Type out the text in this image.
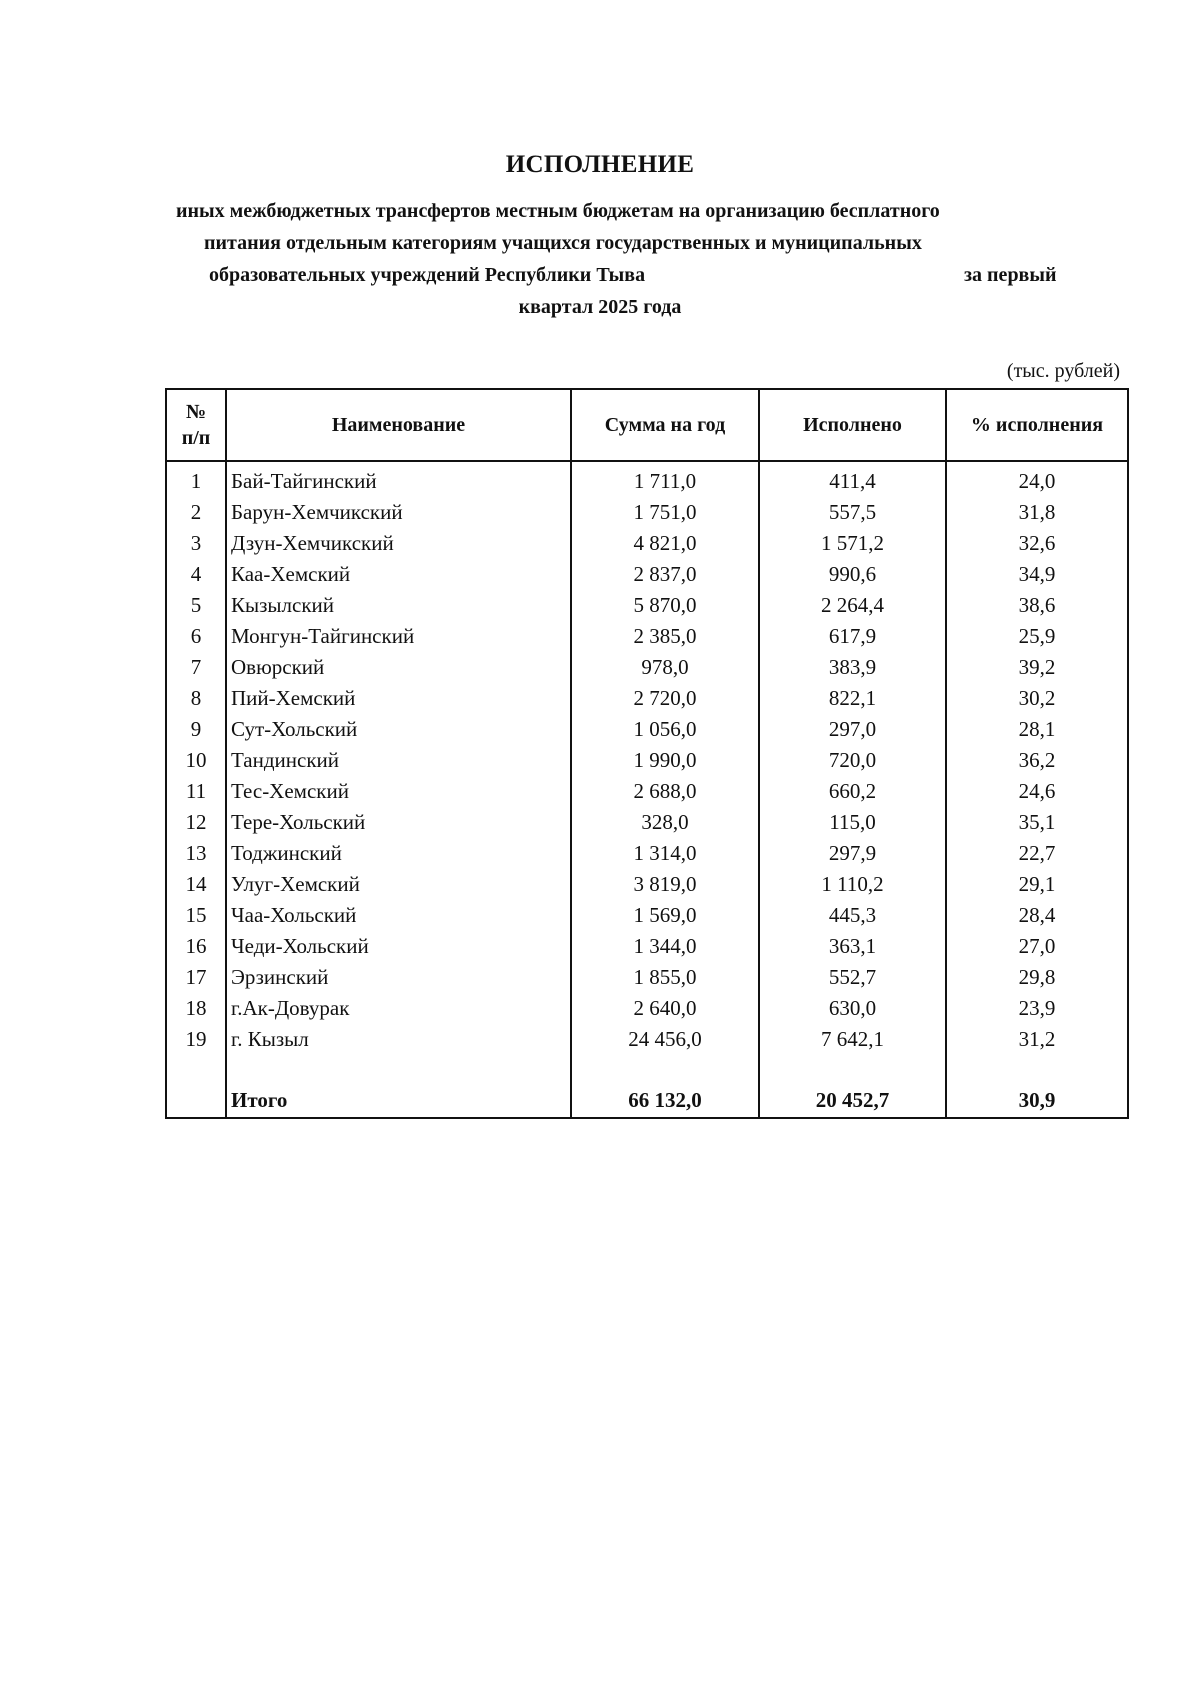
ИСПОЛНЕНИЕ
иных межбюджетных трансфертов местным бюджетам на организацию бесплатного
питания отдельным категориям учащихся государственных и муниципальных
образовательных учреждений Республики Тыва	за первый
квартал 2025 года
(тыс. рублей)
№
п/п	Наименование	Сумма на год	Исполнено	% исполнения
1	Бай-Тайгинский	1 711,0	411,4	24,0
2	Барун-Хемчикский	1 751,0	557,5	31,8
3	Дзун-Хемчикский	4 821,0	1 571,2	32,6
4	Каа-Хемский	2 837,0	990,6	34,9
5	Кызылский	5 870,0	2 264,4	38,6
6	Монгун-Тайгинский	2 385,0	617,9	25,9
7	Овюрский	978,0	383,9	39,2
8	Пий-Хемский	2 720,0	822,1	30,2
9	Сут-Хольский	1 056,0	297,0	28,1
10	Тандинский	1 990,0	720,0	36,2
11	Тес-Хемский	2 688,0	660,2	24,6
12	Тере-Хольский	328,0	115,0	35,1
13	Тоджинский	1 314,0	297,9	22,7
14	Улуг-Хемский	3 819,0	1 110,2	29,1
15	Чаа-Хольский	1 569,0	445,3	28,4
16	Чеди-Хольский	1 344,0	363,1	27,0
17	Эрзинский	1 855,0	552,7	29,8
18	г.Ак-Довурак	2 640,0	630,0	23,9
19	г. Кызыл	24 456,0	7 642,1	31,2

	Итого	66 132,0	20 452,7	30,9
